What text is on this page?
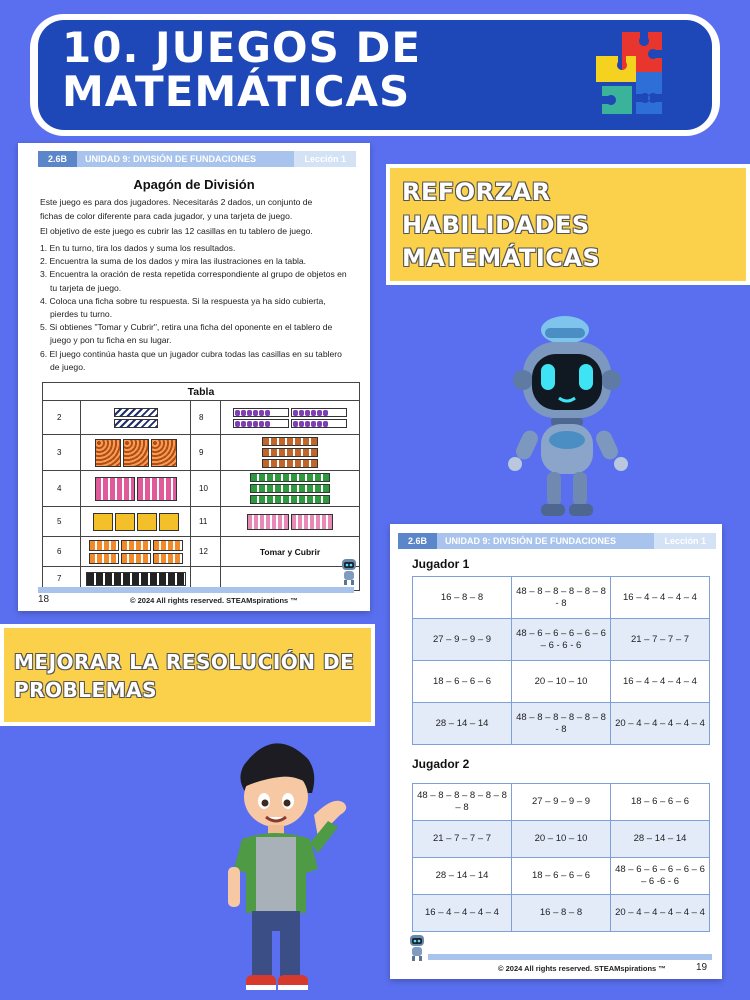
10. JUEGOS DE
MATEMÁTICAS
2.6B	UNIDAD 9: DIVISIÓN DE FUNDACIONES	Lección 1
Apagón de División
Este juego es para dos jugadores. Necesitarás 2 dados, un conjunto de
fichas de color diferente para cada jugador, y una tarjeta de juego.
El objetivo de este juego es cubrir las 12 casillas en tu tablero de juego.
1. En tu turno, tira los dados y suma los resultados.
2. Encuentra la suma de los dados y mira las ilustraciones en la tabla.
3. Encuentra la oración de resta repetida correspondiente al grupo de objetos en tu tarjeta de juego.
4. Coloca una ficha sobre tu respuesta. Si la respuesta ya ha sido cubierta, pierdes tu turno.
5. Si obtienes "Tomar y Cubrir", retira una ficha del oponente en el tablero de juego y pon tu ficha en su lugar.
6. El juego continúa hasta que un jugador cubra todas las casillas en su tablero de juego.
Tabla			
2		8	

3		9	

4		10	

5		11	

6		12	Tomar y Cubrir
7	

18	© 2024 All rights reserved. STEAMspirations ™
REFORZAR
HABILIDADES
MATEMÁTICAS
MEJORAR LA RESOLUCIÓN DE
PROBLEMAS
2.6B	UNIDAD 9: DIVISIÓN DE FUNDACIONES	Lección 1
Jugador 1
16 – 8 – 8	48 – 8 – 8 – 8 – 8 – 8 - 8	16 – 4 – 4 – 4 – 4
27 – 9 – 9 – 9	48 – 6 – 6 – 6 – 6 – 6 – 6 - 6 - 6	21 – 7 – 7 – 7
18 – 6 – 6 – 6	20 – 10 – 10	16 – 4 – 4 – 4 – 4
28 – 14 – 14	48 – 8 – 8 – 8 – 8 – 8 - 8	20 – 4 – 4 – 4 – 4 – 4
Jugador 2
48 – 8 – 8 – 8 – 8 – 8 – 8	27 – 9 – 9 – 9	18 – 6 – 6 – 6
21 – 7 – 7 – 7	20 – 10 – 10	28 – 14 – 14
28 – 14 – 14	18 – 6 – 6 – 6	48 – 6 – 6 – 6 – 6 – 6 – 6 -6 - 6
16 – 4 – 4 – 4 – 4	16 – 8 – 8	20 – 4 – 4 – 4 – 4 – 4
© 2024 All rights reserved. STEAMspirations ™	19
